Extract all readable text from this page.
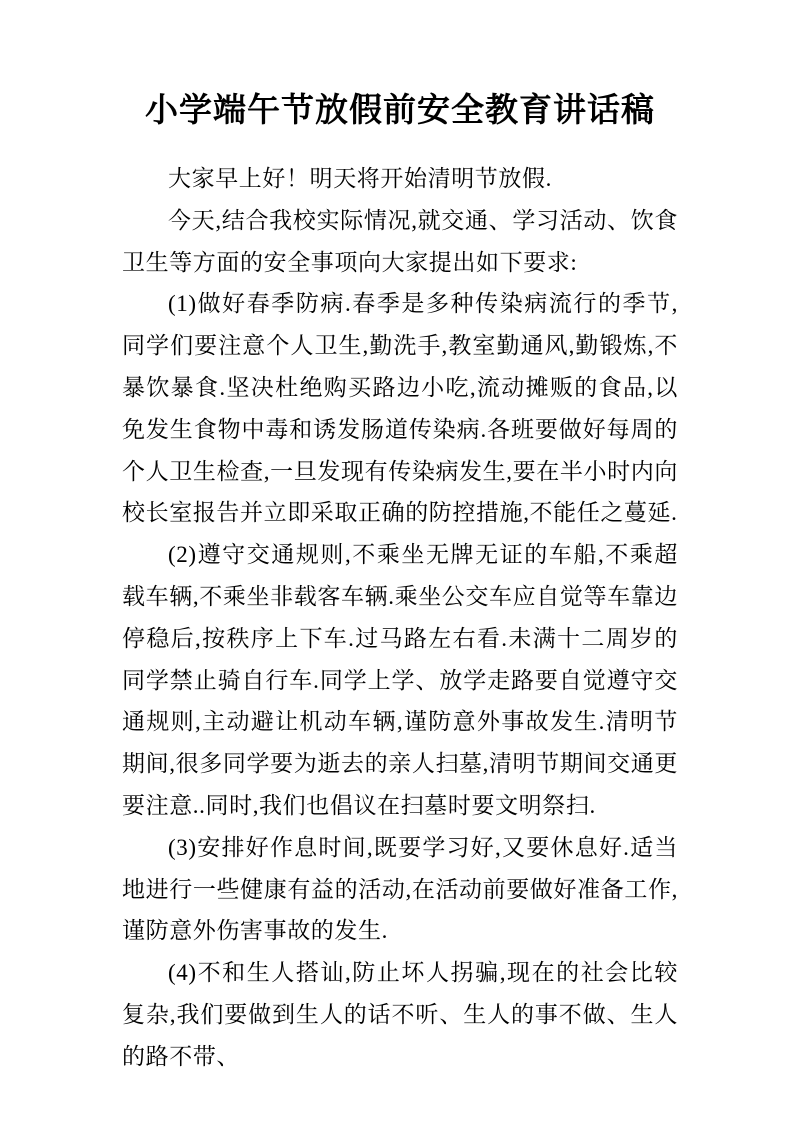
小学端午节放假前安全教育讲话稿

大家早上好！明天将开始清明节放假.

今天,结合我校实际情况,就交通、学习活动、饮食卫生等方面的安全事项向大家提出如下要求:

(1)做好春季防病.春季是多种传染病流行的季节,同学们要注意个人卫生,勤洗手,教室勤通风,勤锻炼,不暴饮暴食.坚决杜绝购买路边小吃,流动摊贩的食品,以免发生食物中毒和诱发肠道传染病.各班要做好每周的个人卫生检查,一旦发现有传染病发生,要在半小时内向校长室报告并立即采取正确的防控措施,不能任之蔓延.

(2)遵守交通规则,不乘坐无牌无证的车船,不乘超载车辆,不乘坐非载客车辆.乘坐公交车应自觉等车靠边停稳后,按秩序上下车.过马路左右看.未满十二周岁的同学禁止骑自行车.同学上学、放学走路要自觉遵守交通规则,主动避让机动车辆,谨防意外事故发生.清明节期间,很多同学要为逝去的亲人扫墓,清明节期间交通更要注意..同时,我们也倡议在扫墓时要文明祭扫.

(3)安排好作息时间,既要学习好,又要休息好.适当地进行一些健康有益的活动,在活动前要做好准备工作,谨防意外伤害事故的发生.

(4)不和生人搭讪,防止坏人拐骗,现在的社会比较复杂,我们要做到生人的话不听、生人的事不做、生人的路不带、
